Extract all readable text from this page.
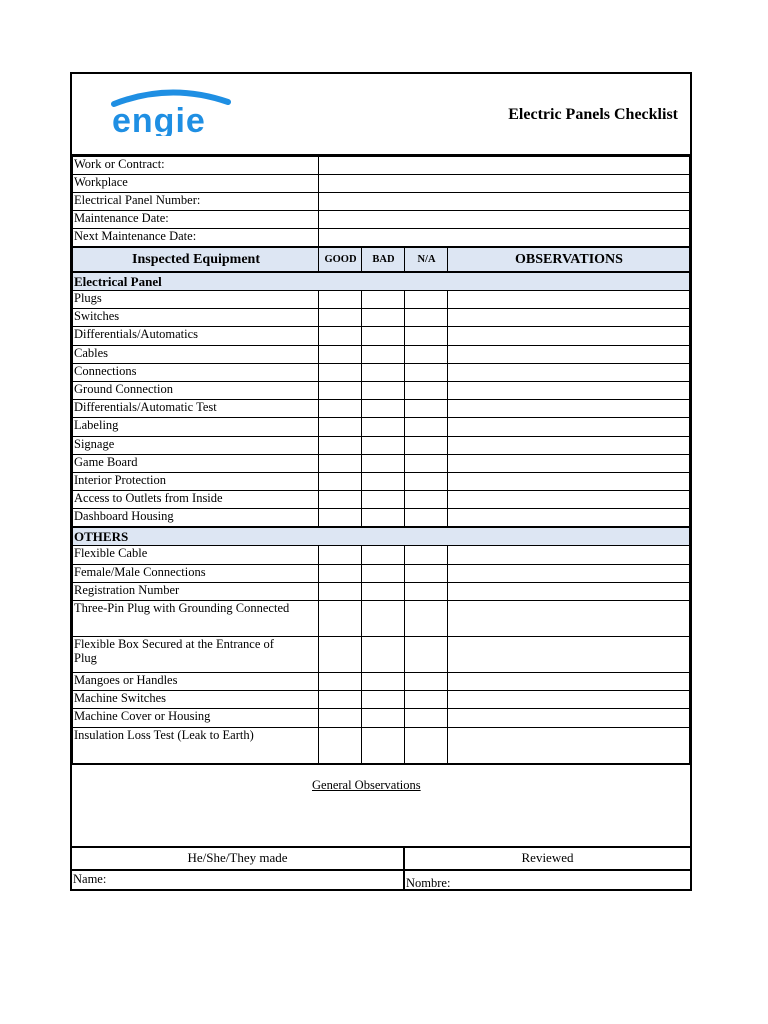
engie	Electric Panels Checklist
Work or Contract:				
Workplace				
Electrical Panel Number:				
Maintenance Date:				
Next Maintenance Date:				
Inspected Equipment	GOOD	BAD	N/A	OBSERVATIONS
Electrical Panel				
Plugs				
Switches				
Differentials/Automatics				
Cables				
Connections				
Ground Connection				
Differentials/Automatic Test				
Labeling				
Signage				
Game Board				
Interior Protection				
Access to Outlets from Inside				
Dashboard Housing				
OTHERS				
Flexible Cable				
Female/Male Connections				
Registration Number				
Three-Pin Plug with Grounding Connected				
Flexible Box Secured at the Entrance of Plug				
Mangoes or Handles				
Machine Switches				
Machine Cover or Housing				
Insulation Loss Test (Leak to Earth)				
General Observations
He/She/They made
Name:
Reviewed
Nombre:
